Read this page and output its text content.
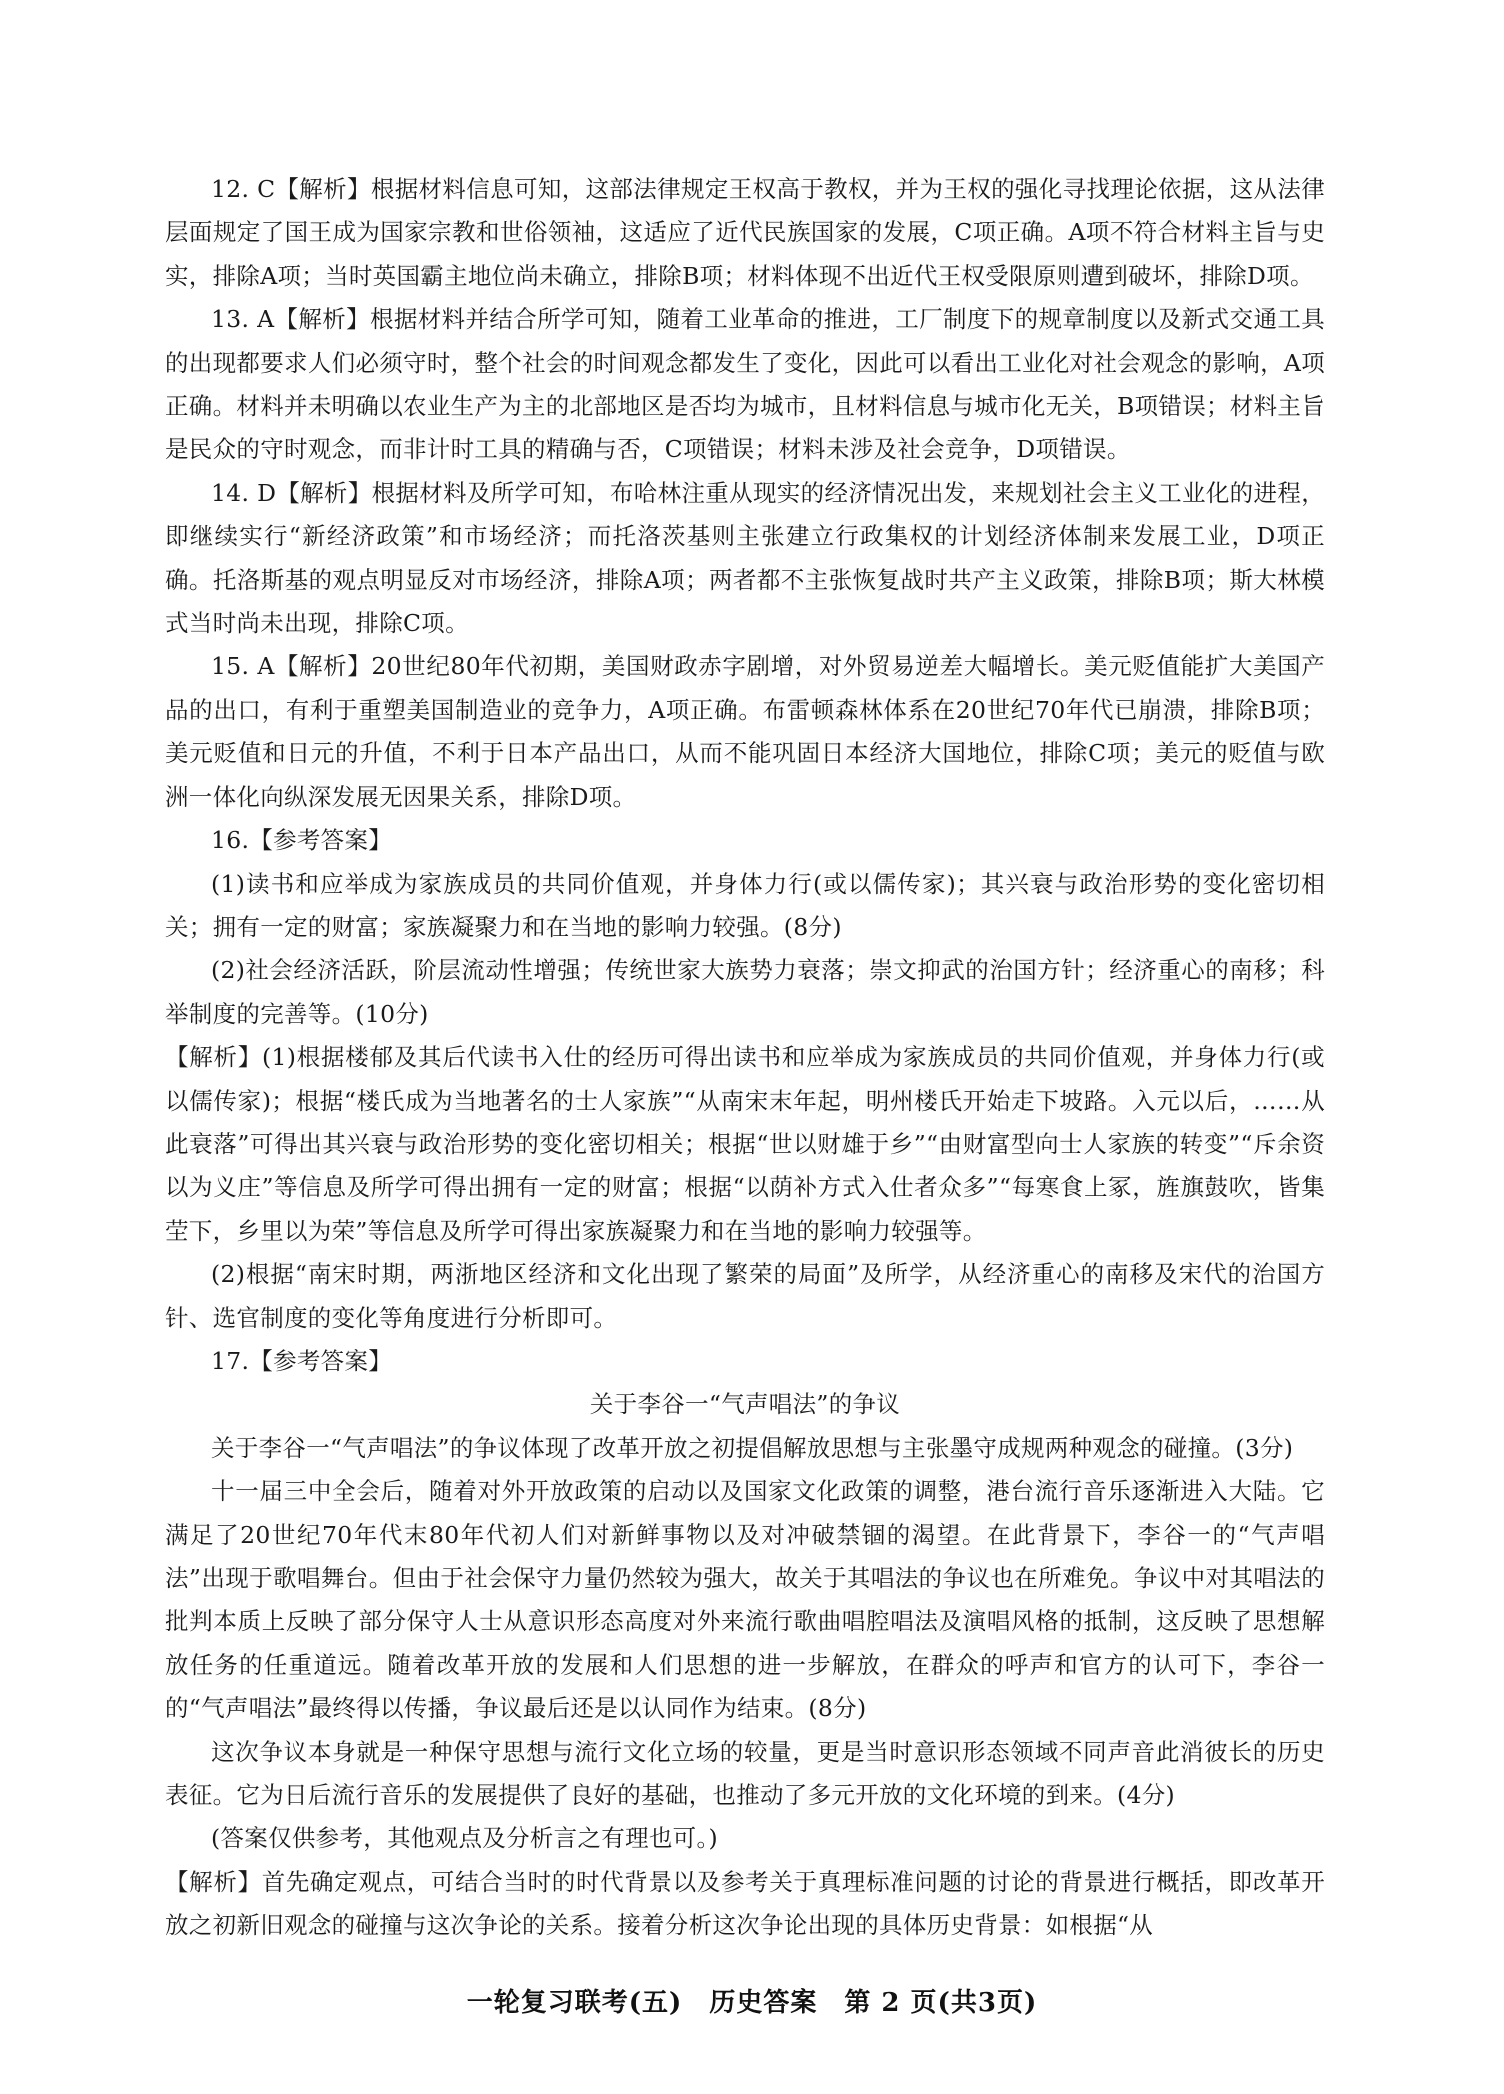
12. C【解析】根据材料信息可知，这部法律规定王权高于教权，并为王权的强化寻找理论依据，这从法律层面规定了国王成为国家宗教和世俗领袖，这适应了近代民族国家的发展，C项正确。A项不符合材料主旨与史实，排除A项；当时英国霸主地位尚未确立，排除B项；材料体现不出近代王权受限原则遭到破坏，排除D项。

13. A【解析】根据材料并结合所学可知，随着工业革命的推进，工厂制度下的规章制度以及新式交通工具的出现都要求人们必须守时，整个社会的时间观念都发生了变化，因此可以看出工业化对社会观念的影响，A项正确。材料并未明确以农业生产为主的北部地区是否均为城市，且材料信息与城市化无关，B项错误；材料主旨是民众的守时观念，而非计时工具的精确与否，C项错误；材料未涉及社会竞争，D项错误。

14. D【解析】根据材料及所学可知，布哈林注重从现实的经济情况出发，来规划社会主义工业化的进程，即继续实行“新经济政策”和市场经济；而托洛茨基则主张建立行政集权的计划经济体制来发展工业，D项正确。托洛斯基的观点明显反对市场经济，排除A项；两者都不主张恢复战时共产主义政策，排除B项；斯大林模式当时尚未出现，排除C项。

15. A【解析】20世纪80年代初期，美国财政赤字剧增，对外贸易逆差大幅增长。美元贬值能扩大美国产品的出口，有利于重塑美国制造业的竞争力，A项正确。布雷顿森林体系在20世纪70年代已崩溃，排除B项；美元贬值和日元的升值，不利于日本产品出口，从而不能巩固日本经济大国地位，排除C项；美元的贬值与欧洲一体化向纵深发展无因果关系，排除D项。

16.【参考答案】

(1)读书和应举成为家族成员的共同价值观，并身体力行(或以儒传家)；其兴衰与政治形势的变化密切相关；拥有一定的财富；家族凝聚力和在当地的影响力较强。(8分)

(2)社会经济活跃，阶层流动性增强；传统世家大族势力衰落；崇文抑武的治国方针；经济重心的南移；科举制度的完善等。(10分)

【解析】(1)根据楼郁及其后代读书入仕的经历可得出读书和应举成为家族成员的共同价值观，并身体力行(或以儒传家)；根据“楼氏成为当地著名的士人家族”“从南宋末年起，明州楼氏开始走下坡路。入元以后，……从此衰落”可得出其兴衰与政治形势的变化密切相关；根据“世以财雄于乡”“由财富型向士人家族的转变”“斥余资以为义庄”等信息及所学可得出拥有一定的财富；根据“以荫补方式入仕者众多”“每寒食上冢，旌旗鼓吹，皆集茔下，乡里以为荣”等信息及所学可得出家族凝聚力和在当地的影响力较强等。

(2)根据“南宋时期，两浙地区经济和文化出现了繁荣的局面”及所学，从经济重心的南移及宋代的治国方针、选官制度的变化等角度进行分析即可。

17.【参考答案】

关于李谷一“气声唱法”的争议

关于李谷一“气声唱法”的争议体现了改革开放之初提倡解放思想与主张墨守成规两种观念的碰撞。(3分)

十一届三中全会后，随着对外开放政策的启动以及国家文化政策的调整，港台流行音乐逐渐进入大陆。它满足了20世纪70年代末80年代初人们对新鲜事物以及对冲破禁锢的渴望。在此背景下，李谷一的“气声唱法”出现于歌唱舞台。但由于社会保守力量仍然较为强大，故关于其唱法的争议也在所难免。争议中对其唱法的批判本质上反映了部分保守人士从意识形态高度对外来流行歌曲唱腔唱法及演唱风格的抵制，这反映了思想解放任务的任重道远。随着改革开放的发展和人们思想的进一步解放，在群众的呼声和官方的认可下，李谷一的“气声唱法”最终得以传播，争议最后还是以认同作为结束。(8分)

这次争议本身就是一种保守思想与流行文化立场的较量，更是当时意识形态领域不同声音此消彼长的历史表征。它为日后流行音乐的发展提供了良好的基础，也推动了多元开放的文化环境的到来。(4分)

(答案仅供参考，其他观点及分析言之有理也可。)

【解析】首先确定观点，可结合当时的时代背景以及参考关于真理标准问题的讨论的背景进行概括，即改革开放之初新旧观念的碰撞与这次争论的关系。接着分析这次争论出现的具体历史背景：如根据“从

一轮复习联考(五)　历史答案　第 2 页(共3页)
